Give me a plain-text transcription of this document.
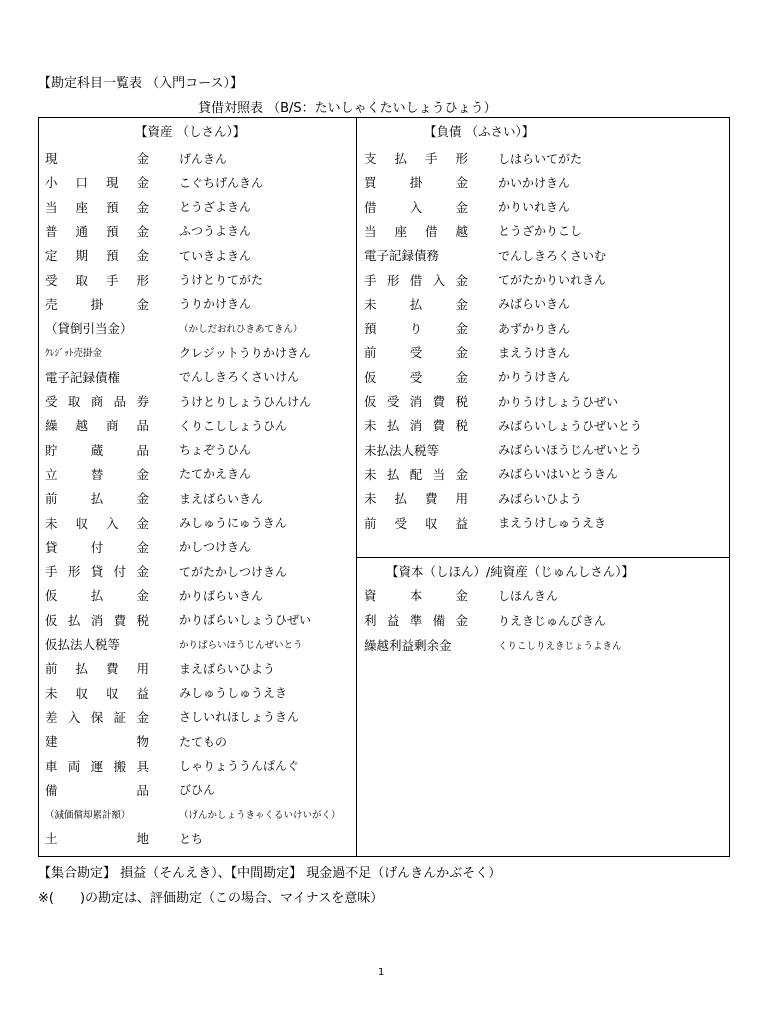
【勘定科目一覧表 （入門コース）】
貸借対照表 （B/S：たいしゃくたいしょうひょう）
【資産 （しさん）】
現	金	げんきん
小 口 現 金	こぐちげんきん
当 座 預 金	とうざよきん
普 通 預 金	ふつうよきん
定 期 預 金	ていきよきん
受 取 手 形	うけとりてがた
売	掛	金	うりかけきん
（貸倒引当金）	（かしだおれひきあてきん）
ｸﾚｼﾞｯﾄ売掛金	クレジットうりかけきん
電子記録債権	でんしきろくさいけん
受 取 商 品 券	うけとりしょうひんけん
繰 越 商 品	くりこししょうひん
貯	蔵	品	ちょぞうひん
立	替	金	たてかえきん
前	払	金	まえばらいきん
未 収 入 金	みしゅうにゅうきん
貸	付	金	かしつけきん
手 形 貸 付 金	てがたかしつけきん
仮	払	金	かりばらいきん
仮 払 消 費 税	かりばらいしょうひぜい
仮払法人税等	かりばらいほうじんぜいとう
前 払 費 用	まえばらいひよう
未 収 収 益	みしゅうしゅうえき
差 入 保 証 金	さしいれほしょうきん
建	物	たてもの
車 両 運 搬 具	しゃりょううんぱんぐ
備	品	びひん
（減価償却累計額）	（げんかしょうきゃくるいけいがく）
土	地	とち
【負債 （ふさい）】
【資本（しほん）/純資産（じゅんしさん）】
支 払 手 形	しはらいてがた
買	掛	金	かいかけきん
借	入	金	かりいれきん
当 座 借 越	とうざかりこし
電子記録債務	でんしきろくさいむ
手 形 借 入 金	てがたかりいれきん
未	払	金	みばらいきん
預	り	金	あずかりきん
前	受	金	まえうけきん
仮	受	金	かりうけきん
仮 受 消 費 税	かりうけしょうひぜい
未 払 消 費 税	みばらいしょうひぜいとう
未払法人税等	みばらいほうじんぜいとう
未 払 配 当 金	みばらいはいとうきん
未 払 費 用	みばらいひよう
前 受 収 益	まえうけしゅうえき
資	本	金	しほんきん
利 益 準 備 金	りえきじゅんびきん
繰越利益剰余金	くりこしりえきじょうよきん
【集合勘定】 損益（そんえき）、【中間勘定】 現金過不足（げんきんかぶそく）
※(　　)の勘定は、評価勘定（この場合、マイナスを意味）
1
